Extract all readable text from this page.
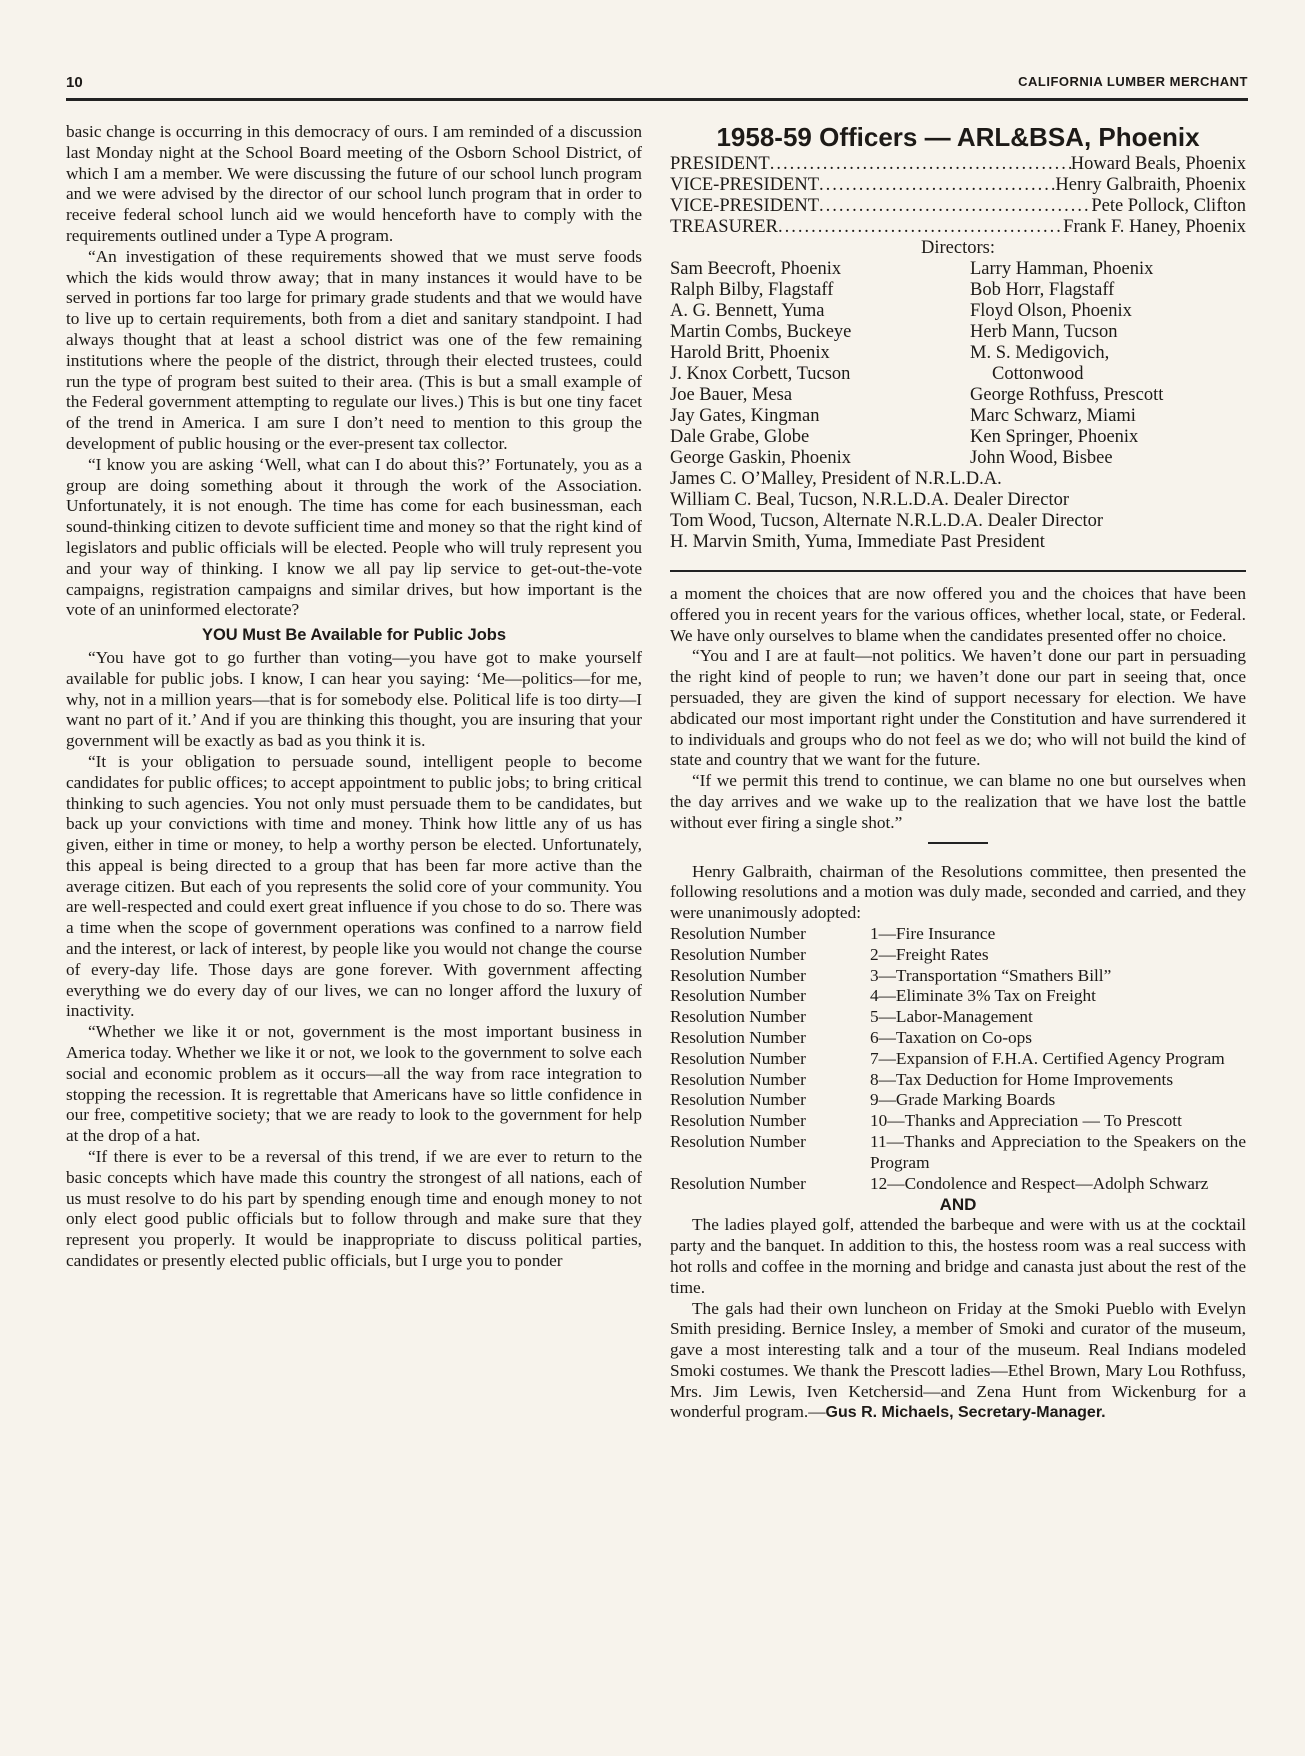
10	CALIFORNIA LUMBER MERCHANT

basic change is occurring in this democracy of ours. I am reminded of a discussion last Monday night at the School Board meeting of the Osborn School District, of which I am a member. We were discussing the future of our school lunch program and we were advised by the director of our school lunch program that in order to receive federal school lunch aid we would henceforth have to comply with the requirements outlined under a Type A program.

“An investigation of these requirements showed that we must serve foods which the kids would throw away; that in many instances it would have to be served in portions far too large for primary grade students and that we would have to live up to certain requirements, both from a diet and sanitary standpoint. I had always thought that at least a school district was one of the few remaining institutions where the people of the district, through their elected trustees, could run the type of program best suited to their area. (This is but a small example of the Federal government attempting to regulate our lives.) This is but one tiny facet of the trend in America. I am sure I don’t need to mention to this group the development of public housing or the ever-present tax collector.

“I know you are asking ‘Well, what can I do about this?’ Fortunately, you as a group are doing something about it through the work of the Association. Unfortunately, it is not enough. The time has come for each businessman, each sound-thinking citizen to devote sufficient time and money so that the right kind of legislators and public officials will be elected. People who will truly represent you and your way of thinking. I know we all pay lip service to get-out-the-vote campaigns, registration campaigns and similar drives, but how important is the vote of an uninformed electorate?

YOU Must Be Available for Public Jobs

“You have got to go further than voting—you have got to make yourself available for public jobs. I know, I can hear you saying: ‘Me—politics—for me, why, not in a million years—that is for somebody else. Political life is too dirty—I want no part of it.’ And if you are thinking this thought, you are insuring that your government will be exactly as bad as you think it is.

“It is your obligation to persuade sound, intelligent people to become candidates for public offices; to accept appointment to public jobs; to bring critical thinking to such agencies. You not only must persuade them to be candidates, but back up your convictions with time and money. Think how little any of us has given, either in time or money, to help a worthy person be elected. Unfortunately, this appeal is being directed to a group that has been far more active than the average citizen. But each of you represents the solid core of your community. You are well-respected and could exert great influence if you chose to do so. There was a time when the scope of government operations was confined to a narrow field and the interest, or lack of interest, by people like you would not change the course of every-day life. Those days are gone forever. With government affecting everything we do every day of our lives, we can no longer afford the luxury of inactivity.

“Whether we like it or not, government is the most important business in America today. Whether we like it or not, we look to the government to solve each social and economic problem as it occurs—all the way from race integration to stopping the recession. It is regrettable that Americans have so little confidence in our free, competitive society; that we are ready to look to the government for help at the drop of a hat.

“If there is ever to be a reversal of this trend, if we are ever to return to the basic concepts which have made this country the strongest of all nations, each of us must resolve to do his part by spending enough time and enough money to not only elect good public officials but to follow through and make sure that they represent you properly. It would be inappropriate to discuss political parties, candidates or presently elected public officials, but I urge you to ponder

1958-59 Officers — ARL&BSA, Phoenix
PRESIDENT .....	Howard Beals, Phoenix
VICE-PRESIDENT .....	Henry Galbraith, Phoenix
VICE-PRESIDENT .....	Pete Pollock, Clifton
TREASURER .....	Frank F. Haney, Phoenix
Directors:
Sam Beecroft, Phoenix	Larry Hamman, Phoenix
Ralph Bilby, Flagstaff	Bob Horr, Flagstaff
A. G. Bennett, Yuma	Floyd Olson, Phoenix
Martin Combs, Buckeye	Herb Mann, Tucson
Harold Britt, Phoenix	M. S. Medigovich,
J. Knox Corbett, Tucson	Cottonwood
Joe Bauer, Mesa	George Rothfuss, Prescott
Jay Gates, Kingman	Marc Schwarz, Miami
Dale Grabe, Globe	Ken Springer, Phoenix
George Gaskin, Phoenix	John Wood, Bisbee
James C. O’Malley, President of N.R.L.D.A.
William C. Beal, Tucson, N.R.L.D.A. Dealer Director
Tom Wood, Tucson, Alternate N.R.L.D.A. Dealer Director
H. Marvin Smith, Yuma, Immediate Past President

a moment the choices that are now offered you and the choices that have been offered you in recent years for the various offices, whether local, state, or Federal. We have only ourselves to blame when the candidates presented offer no choice.

“You and I are at fault—not politics. We haven’t done our part in persuading the right kind of people to run; we haven’t done our part in seeing that, once persuaded, they are given the kind of support necessary for election. We have abdicated our most important right under the Constitution and have surrendered it to individuals and groups who do not feel as we do; who will not build the kind of state and country that we want for the future.

“If we permit this trend to continue, we can blame no one but ourselves when the day arrives and we wake up to the realization that we have lost the battle without ever firing a single shot.”

Henry Galbraith, chairman of the Resolutions committee, then presented the following resolutions and a motion was duly made, seconded and carried, and they were unanimously adopted:

Resolution Number	1—Fire Insurance
Resolution Number	2—Freight Rates
Resolution Number	3—Transportation “Smathers Bill”
Resolution Number	4—Eliminate 3% Tax on Freight
Resolution Number	5—Labor-Management
Resolution Number	6—Taxation on Co-ops
Resolution Number	7—Expansion of F.H.A. Certified Agency Program
Resolution Number	8—Tax Deduction for Home Improvements
Resolution Number	9—Grade Marking Boards
Resolution Number	10—Thanks and Appreciation — To Prescott
Resolution Number	11—Thanks and Appreciation to the Speakers on the Program
Resolution Number	12—Condolence and Respect—Adolph Schwarz
AND

The ladies played golf, attended the barbeque and were with us at the cocktail party and the banquet. In addition to this, the hostess room was a real success with hot rolls and coffee in the morning and bridge and canasta just about the rest of the time.

The gals had their own luncheon on Friday at the Smoki Pueblo with Evelyn Smith presiding. Bernice Insley, a member of Smoki and curator of the museum, gave a most interesting talk and a tour of the museum. Real Indians modeled Smoki costumes. We thank the Prescott ladies—Ethel Brown, Mary Lou Rothfuss, Mrs. Jim Lewis, Iven Ketchersid—and Zena Hunt from Wickenburg for a wonderful program.—Gus R. Michaels, Secretary-Manager.
